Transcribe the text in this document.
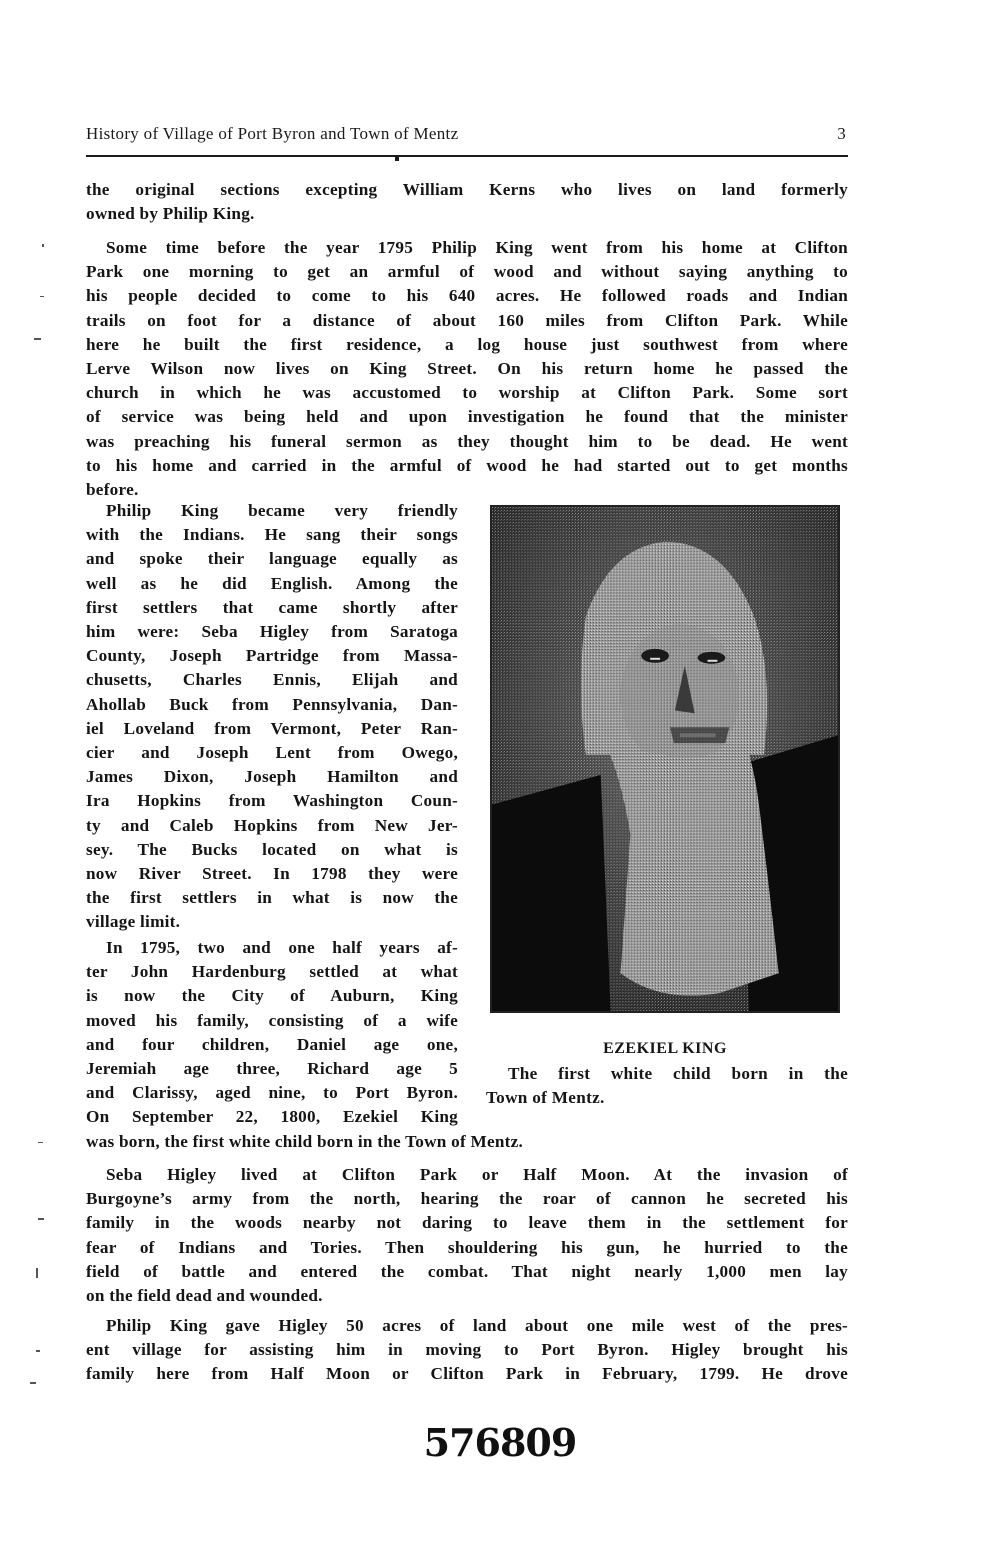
History of Village of Port Byron and Town of Mentz	3
the original sections excepting William Kerns who lives on land formerly
owned by Philip King.
Some time before the year 1795 Philip King went from his home at Clifton
Park one morning to get an armful of wood and without saying anything to
his people decided to come to his 640 acres. He followed roads and Indian
trails on foot for a distance of about 160 miles from Clifton Park. While
here he built the first residence, a log house just southwest from where
Lerve Wilson now lives on King Street. On his return home he passed the
church in which he was accustomed to worship at Clifton Park. Some sort
of service was being held and upon investigation he found that the minister
was preaching his funeral sermon as they thought him to be dead. He went
to his home and carried in the armful of wood he had started out to get months
before.
Philip King became very friendly
with the Indians. He sang their songs
and spoke their language equally as
well as he did English. Among the
first settlers that came shortly after
him were: Seba Higley from Saratoga
County, Joseph Partridge from Massa-
chusetts, Charles Ennis, Elijah and
Ahollab Buck from Pennsylvania, Dan-
iel Loveland from Vermont, Peter Ran-
cier and Joseph Lent from Owego,
James Dixon, Joseph Hamilton and
Ira Hopkins from Washington Coun-
ty and Caleb Hopkins from New Jer-
sey. The Bucks located on what is
now River Street. In 1798 they were
the first settlers in what is now the
village limit.
In 1795, two and one half years af-
ter John Hardenburg settled at what
is now the City of Auburn, King
moved his family, consisting of a wife
and four children, Daniel age one,
Jeremiah age three, Richard age 5
and Clarissy, aged nine, to Port Byron.
On September 22, 1800, Ezekiel King
was born, the first white child born in the Town of Mentz.
EZEKIEL KING
The first white child born in the
Town of Mentz.
Seba Higley lived at Clifton Park or Half Moon. At the invasion of
Burgoyne’s army from the north, hearing the roar of cannon he secreted his
family in the woods nearby not daring to leave them in the settlement for
fear of Indians and Tories. Then shouldering his gun, he hurried to the
field of battle and entered the combat. That night nearly 1,000 men lay
on the field dead and wounded.
Philip King gave Higley 50 acres of land about one mile west of the pres-
ent village for assisting him in moving to Port Byron. Higley brought his
family here from Half Moon or Clifton Park in February, 1799. He drove
576809
